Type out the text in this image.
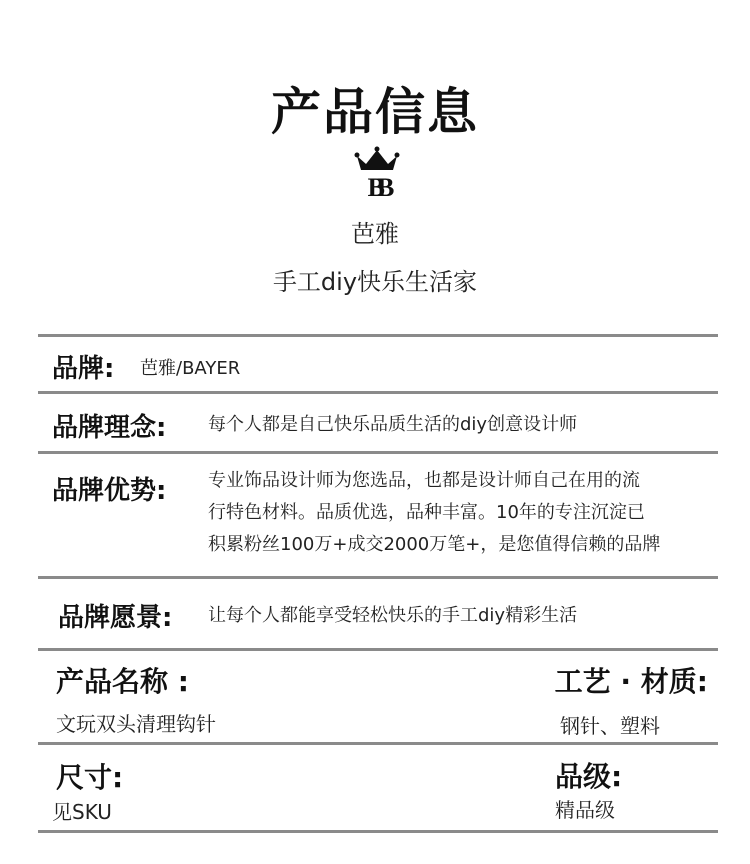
产品信息
BB
芭雅
手工diy快乐生活家
品牌: 芭雅/BAYER
品牌理念: 每个人都是自己快乐品质生活的diy创意设计师
品牌优势: 专业饰品设计师为您选品，也都是设计师自己在用的流
行特色材料。品质优选，品种丰富。10年的专注沉淀已
积累粉丝100万+成交2000万笔+，是您值得信赖的品牌
品牌愿景: 让每个人都能享受轻松快乐的手工diy精彩生活
产品名称 :
文玩双头清理钩针
工艺 · 材质:
钢针、塑料
尺寸:
见SKU
品级:
精品级
